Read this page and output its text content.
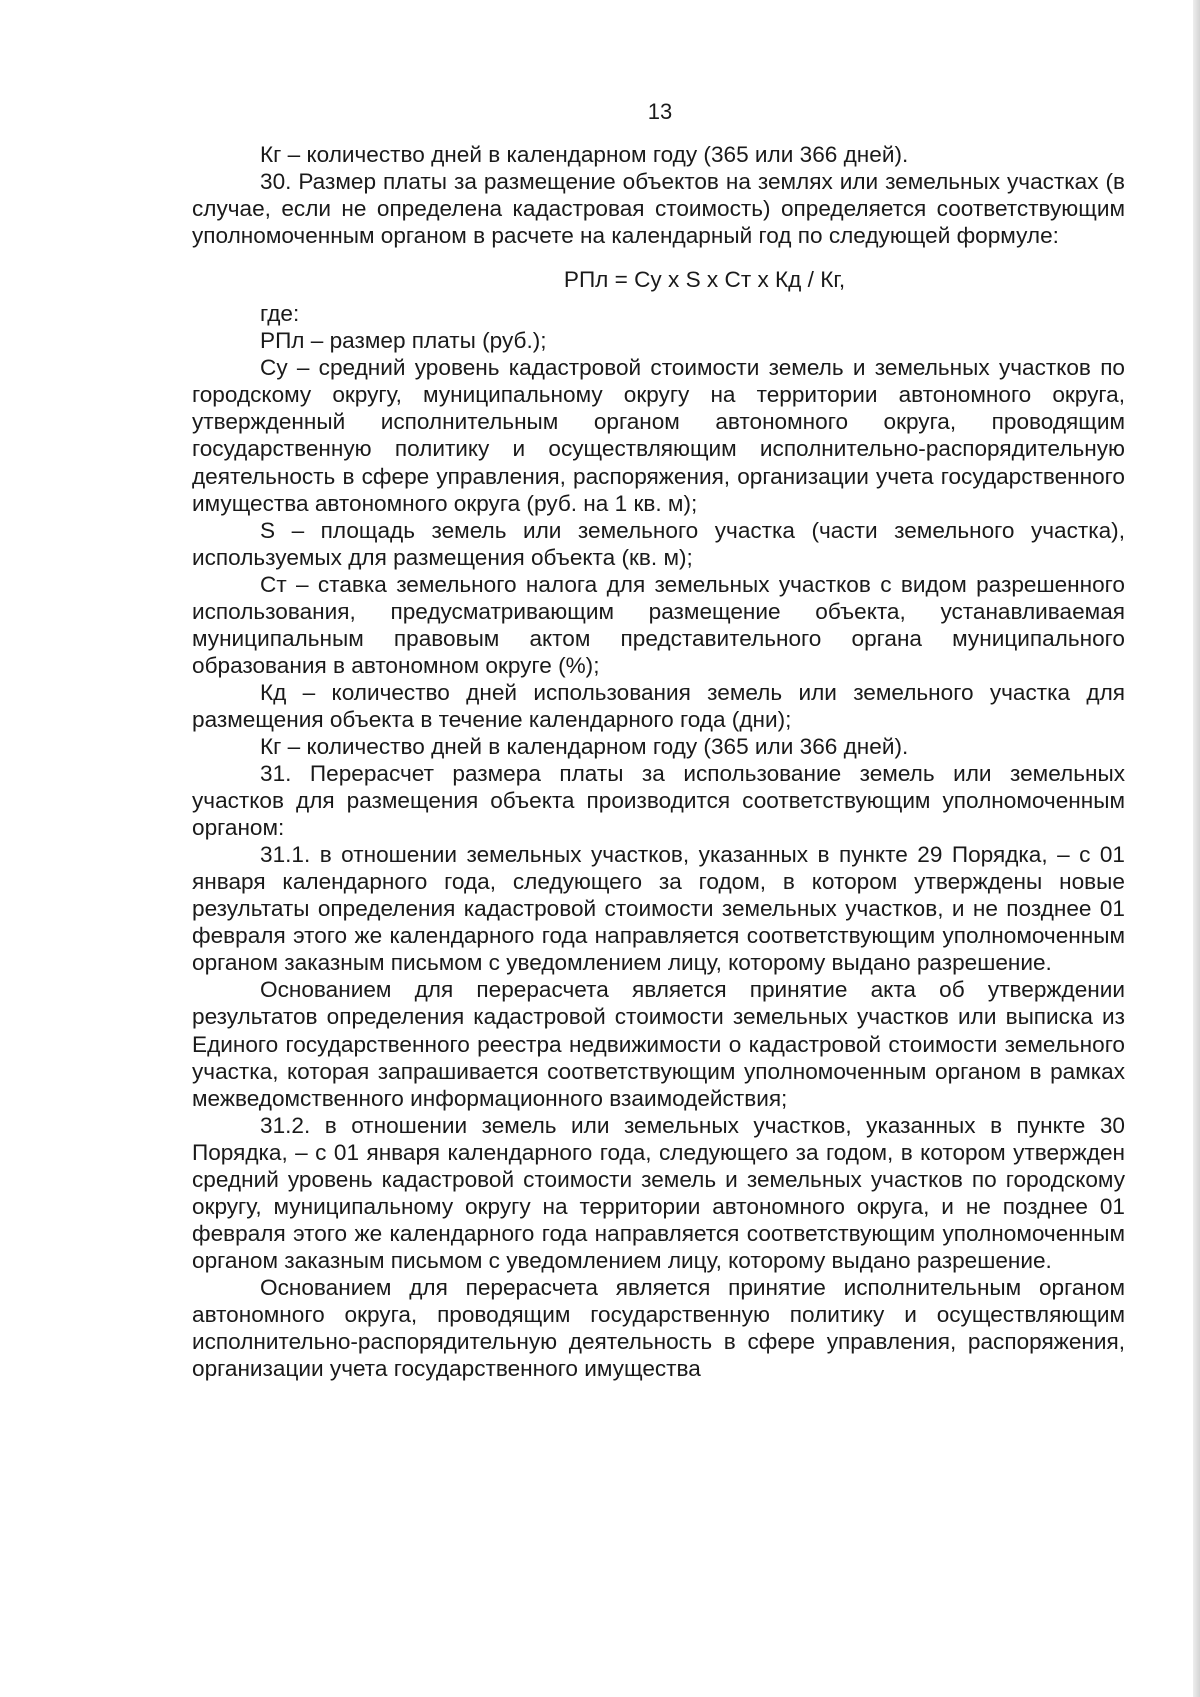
13

Кг – количество дней в календарном году (365 или 366 дней).

30. Размер платы за размещение объектов на землях или земельных участках (в случае, если не определена кадастровая стоимость) определяется соответствующим уполномоченным органом в расчете на календарный год по следующей формуле:

РПл = Су х S х Ст х Кд / Кг,

где:

РПл – размер платы (руб.);

Су – средний уровень кадастровой стоимости земель и земельных участков по городскому округу, муниципальному округу на территории автономного округа, утвержденный исполнительным органом автономного округа, проводящим государственную политику и осуществляющим исполнительно-распорядительную деятельность в сфере управления, распоряжения, организации учета государственного имущества автономного округа (руб. на 1 кв. м);

S – площадь земель или земельного участка (части земельного участка), используемых для размещения объекта (кв. м);

Ст – ставка земельного налога для земельных участков с видом разрешенного использования, предусматривающим размещение объекта, устанавливаемая муниципальным правовым актом представительного органа муниципального образования в автономном округе (%);

Кд – количество дней использования земель или земельного участка для размещения объекта в течение календарного года (дни);

Кг – количество дней в календарном году (365 или 366 дней).

31. Перерасчет размера платы за использование земель или земельных участков для размещения объекта производится соответствующим уполномоченным органом:

31.1. в отношении земельных участков, указанных в пункте 29 Порядка, – с 01 января календарного года, следующего за годом, в котором утверждены новые результаты определения кадастровой стоимости земельных участков, и не позднее 01 февраля этого же календарного года направляется соответствующим уполномоченным органом заказным письмом с уведомлением лицу, которому выдано разрешение.

Основанием для перерасчета является принятие акта об утверждении результатов определения кадастровой стоимости земельных участков или выписка из Единого государственного реестра недвижимости о кадастровой стоимости земельного участка, которая запрашивается соответствующим уполномоченным органом в рамках межведомственного информационного взаимодействия;

31.2. в отношении земель или земельных участков, указанных в пункте 30 Порядка, – с 01 января календарного года, следующего за годом, в котором утвержден средний уровень кадастровой стоимости земель и земельных участков по городскому округу, муниципальному округу на территории автономного округа, и не позднее 01 февраля этого же календарного года направляется соответствующим уполномоченным органом заказным письмом с уведомлением лицу, которому выдано разрешение.

Основанием для перерасчета является принятие исполнительным органом автономного округа, проводящим государственную политику и осуществляющим исполнительно-распорядительную деятельность в сфере управления, распоряжения, организации учета государственного имущества
